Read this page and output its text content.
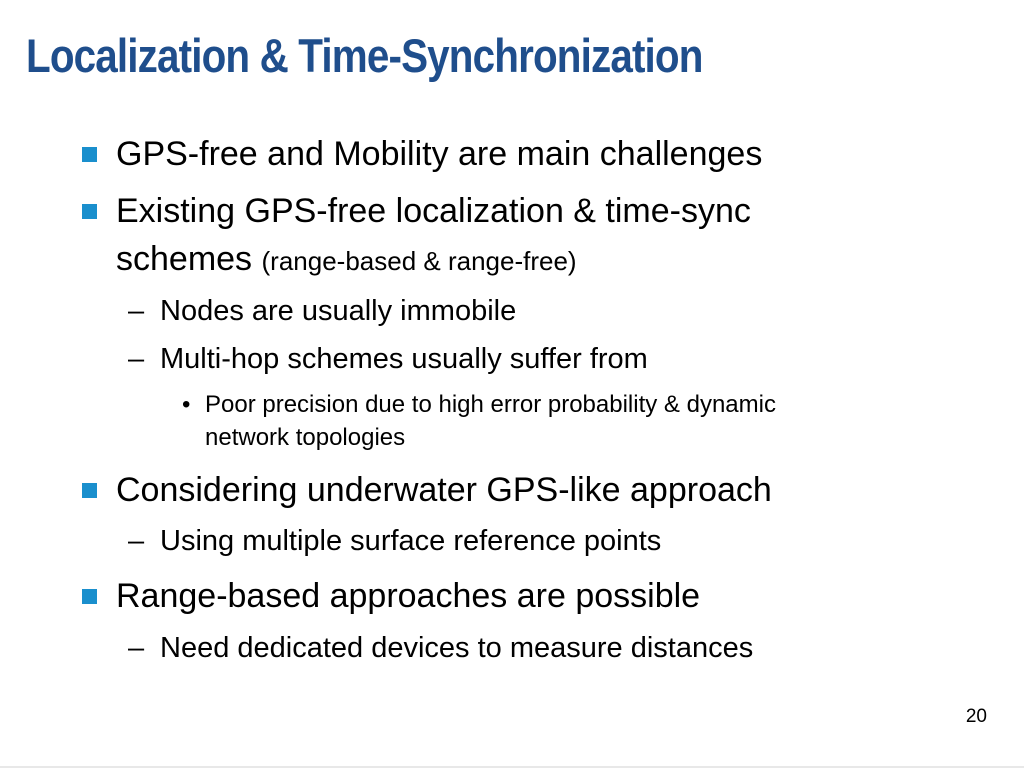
Localization & Time-Synchronization
GPS-free and Mobility are main challenges
Existing GPS-free localization & time-sync
schemes (range-based & range-free)
– Nodes are usually immobile
– Multi-hop schemes usually suffer from
• Poor precision due to high error probability & dynamic
network topologies
Considering underwater GPS-like approach
– Using multiple surface reference points
Range-based approaches are possible
– Need dedicated devices to measure distances
20
